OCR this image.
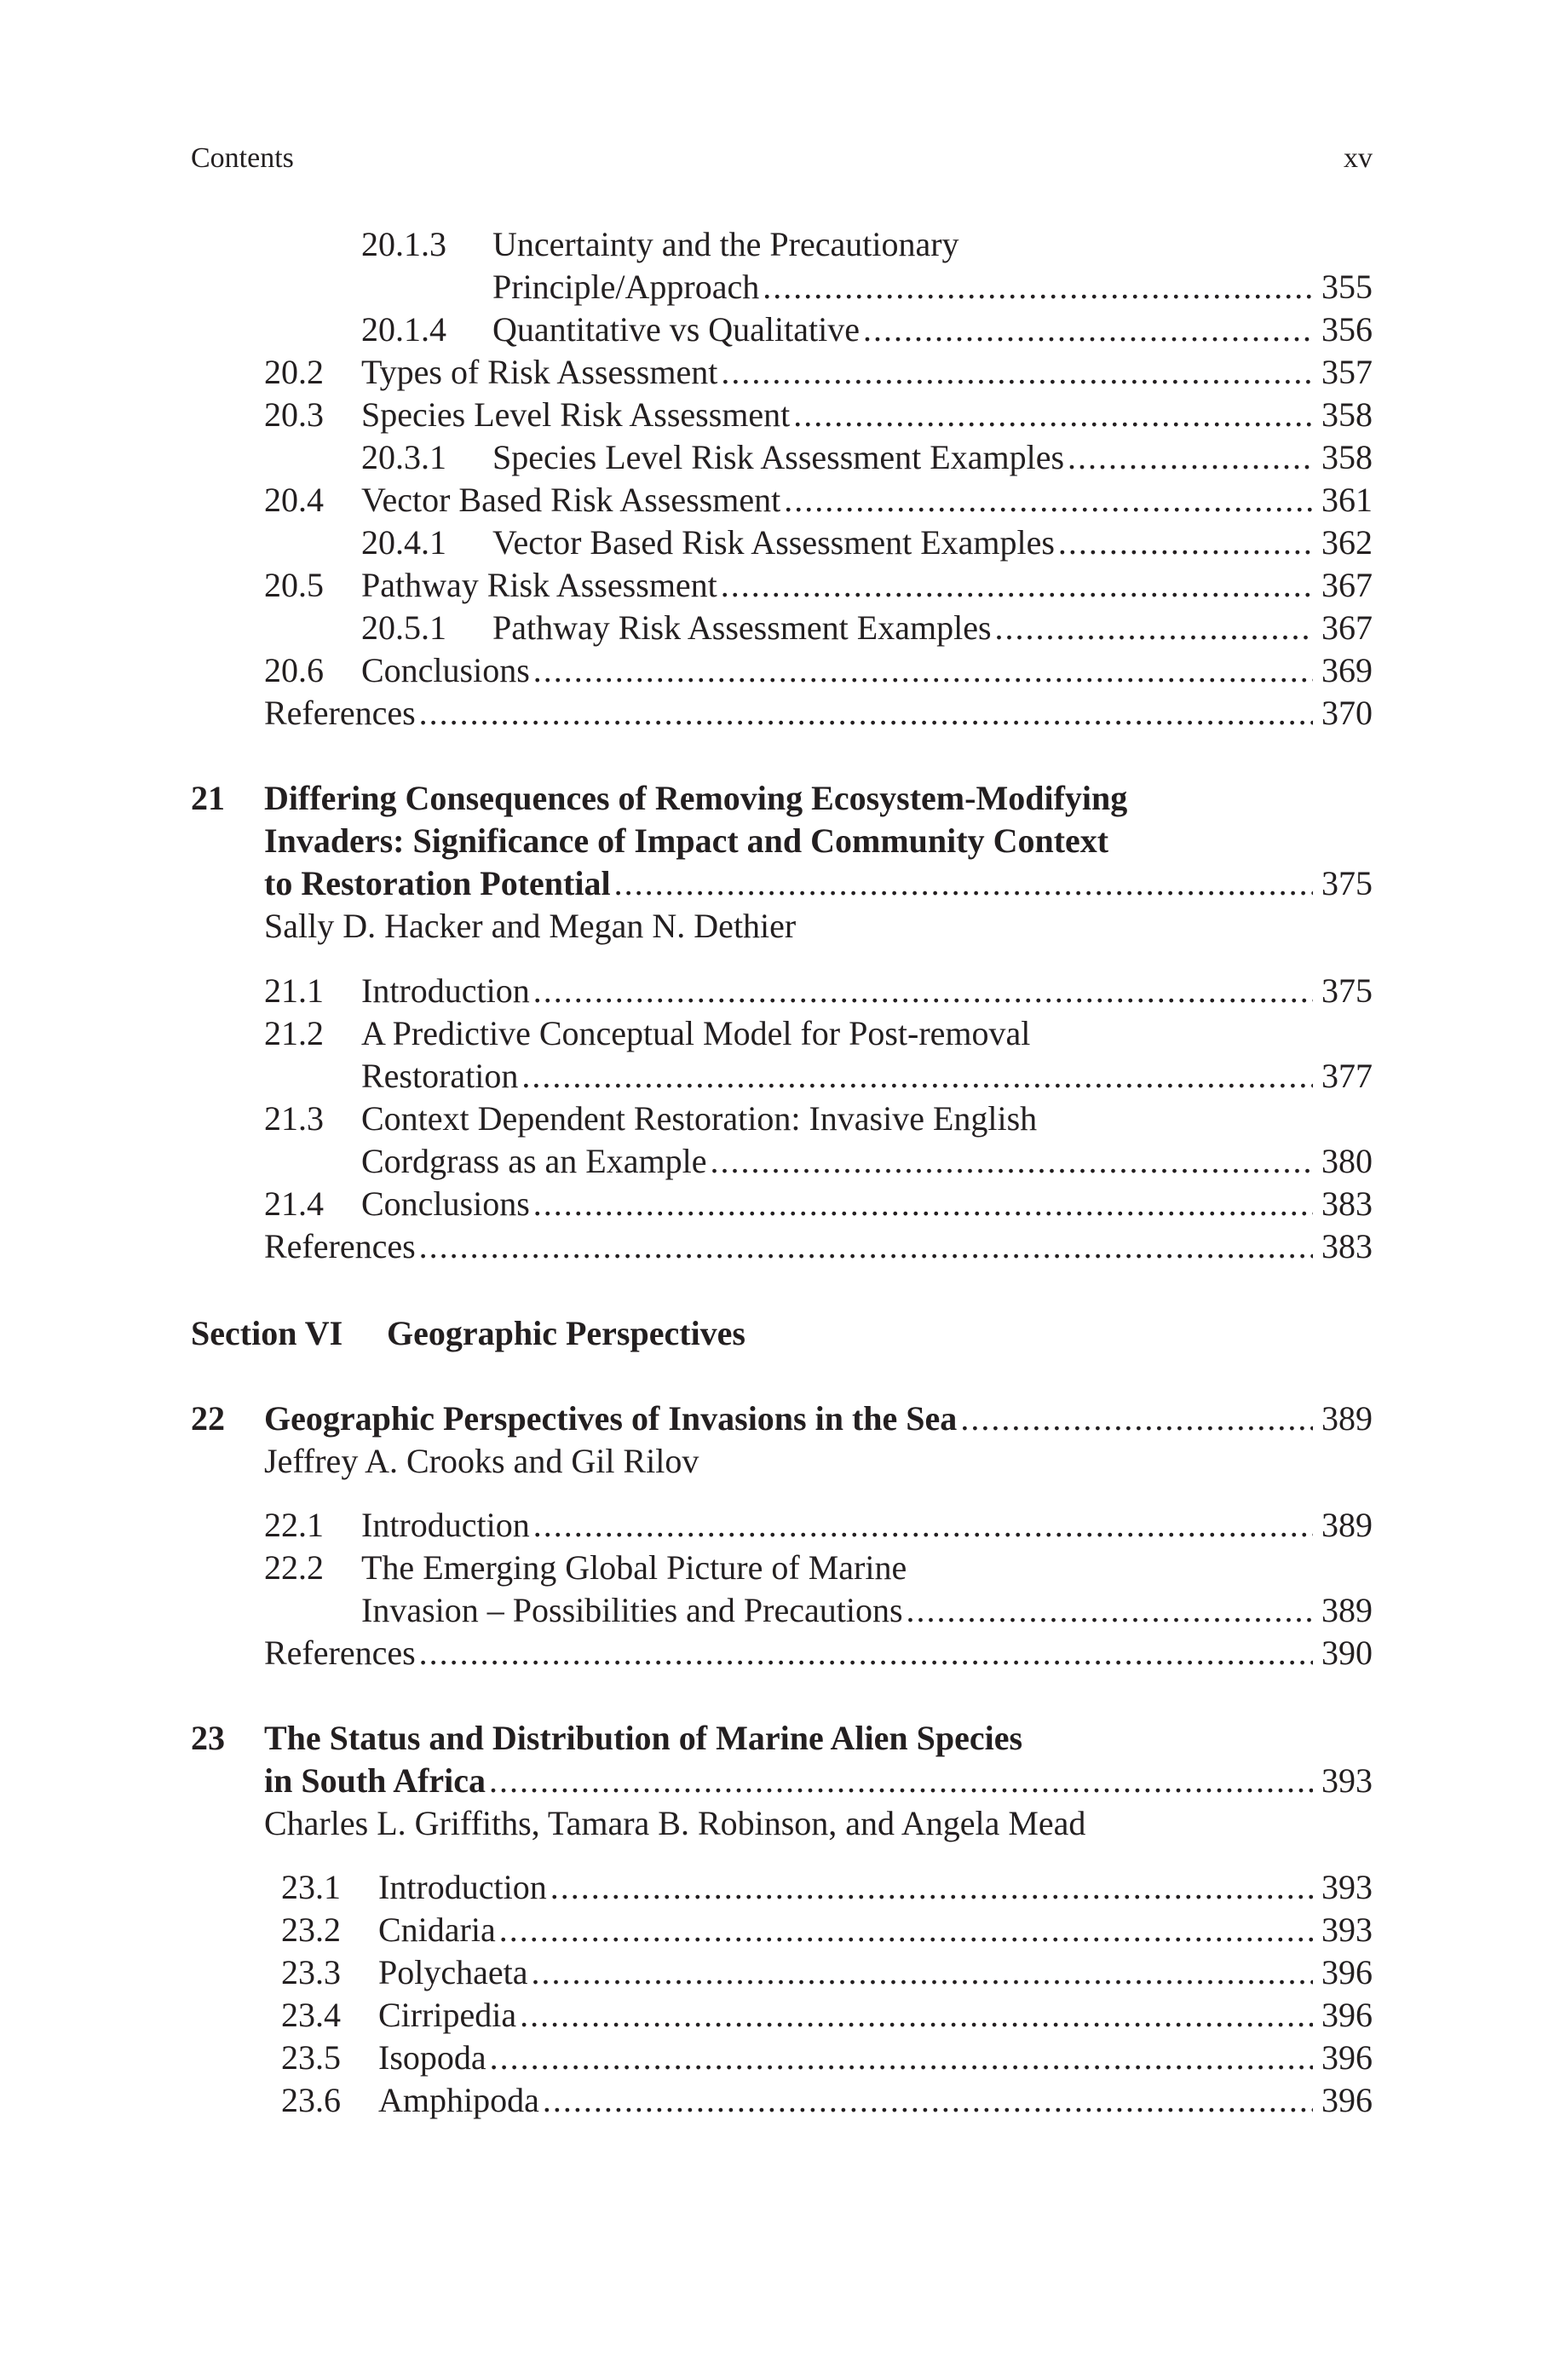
Contents	xv
20.1.3 Uncertainty and the Precautionary
Principle/Approach .....	355
20.1.4 Quantitative vs Qualitative .....	356
20.2 Types of Risk Assessment .....	357
20.3 Species Level Risk Assessment .....	358
20.3.1 Species Level Risk Assessment Examples .....	358
20.4 Vector Based Risk Assessment .....	361
20.4.1 Vector Based Risk Assessment Examples .....	362
20.5 Pathway Risk Assessment .....	367
20.5.1 Pathway Risk Assessment Examples .....	367
20.6 Conclusions .....	369
References .....	370
21 Differing Consequences of Removing Ecosystem-Modifying
Invaders: Significance of Impact and Community Context
to Restoration Potential .....	375
Sally D. Hacker and Megan N. Dethier
21.1 Introduction .....	375
21.2 A Predictive Conceptual Model for Post-removal
Restoration .....	377
21.3 Context Dependent Restoration: Invasive English
Cordgrass as an Example .....	380
21.4 Conclusions .....	383
References .....	383
Section VI Geographic Perspectives
22 Geographic Perspectives of Invasions in the Sea .....	389
Jeffrey A. Crooks and Gil Rilov
22.1 Introduction .....	389
22.2 The Emerging Global Picture of Marine
Invasion – Possibilities and Precautions .....	389
References .....	390
23 The Status and Distribution of Marine Alien Species
in South Africa .....	393
Charles L. Griffiths, Tamara B. Robinson, and Angela Mead
23.1 Introduction .....	393
23.2 Cnidaria .....	393
23.3 Polychaeta .....	396
23.4 Cirripedia .....	396
23.5 Isopoda .....	396
23.6 Amphipoda .....	396
